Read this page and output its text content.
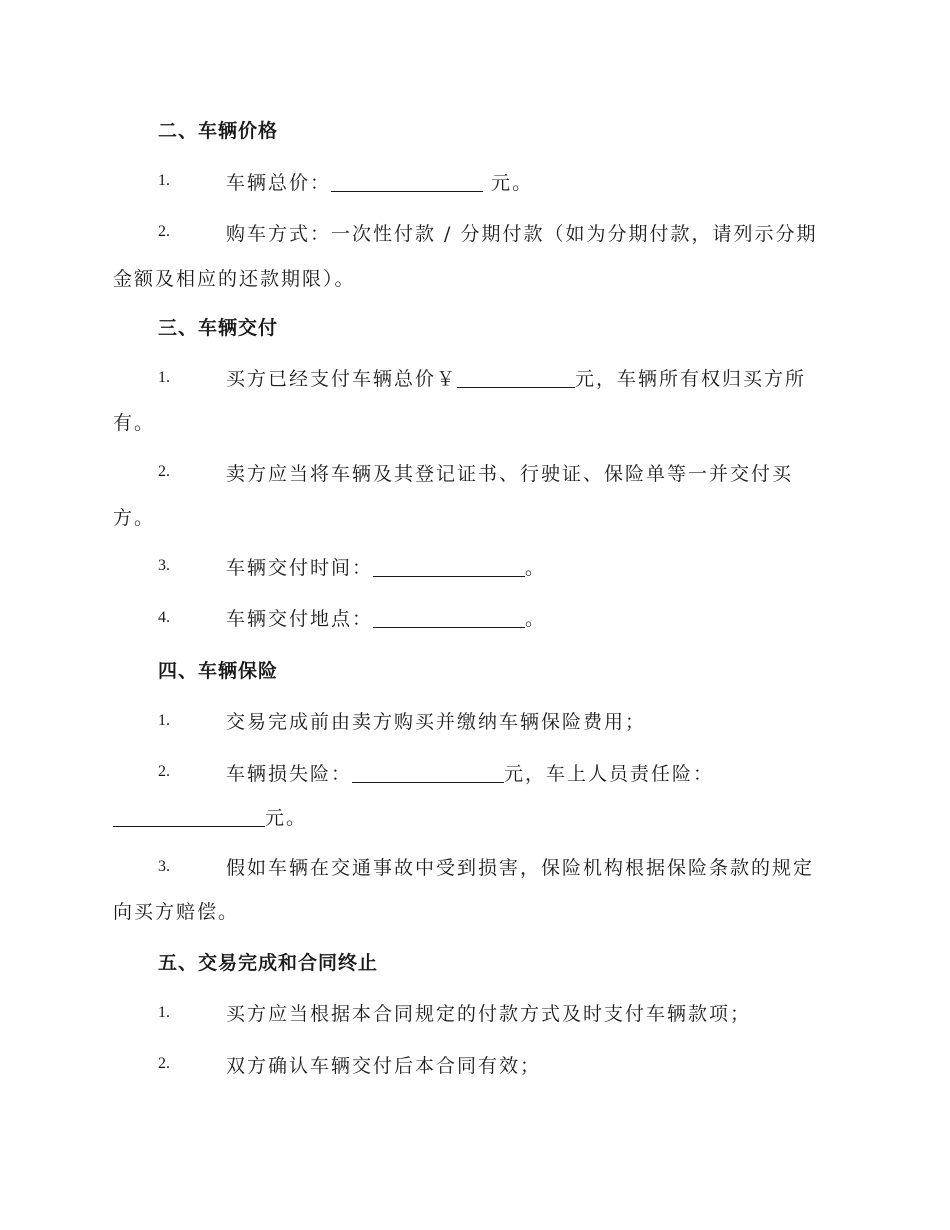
二、车辆价格
1.	车辆总价：	元。
2.	购车方式：一次性付款 / 分期付款（如为分期付款，请列示分期
金额及相应的还款期限）。
三、车辆交付
1.	买方已经支付车辆总价￥	元，车辆所有权归买方所
有。
2.	卖方应当将车辆及其登记证书、行驶证、保险单等一并交付买
方。
3.	车辆交付时间：	。
4.	车辆交付地点：	。
四、车辆保险
1.	交易完成前由卖方购买并缴纳车辆保险费用；
2.	车辆损失险：	元，车上人员责任险：
元。
3.	假如车辆在交通事故中受到损害，保险机构根据保险条款的规定
向买方赔偿。
五、交易完成和合同终止
1.	买方应当根据本合同规定的付款方式及时支付车辆款项；
2.	双方确认车辆交付后本合同有效；
